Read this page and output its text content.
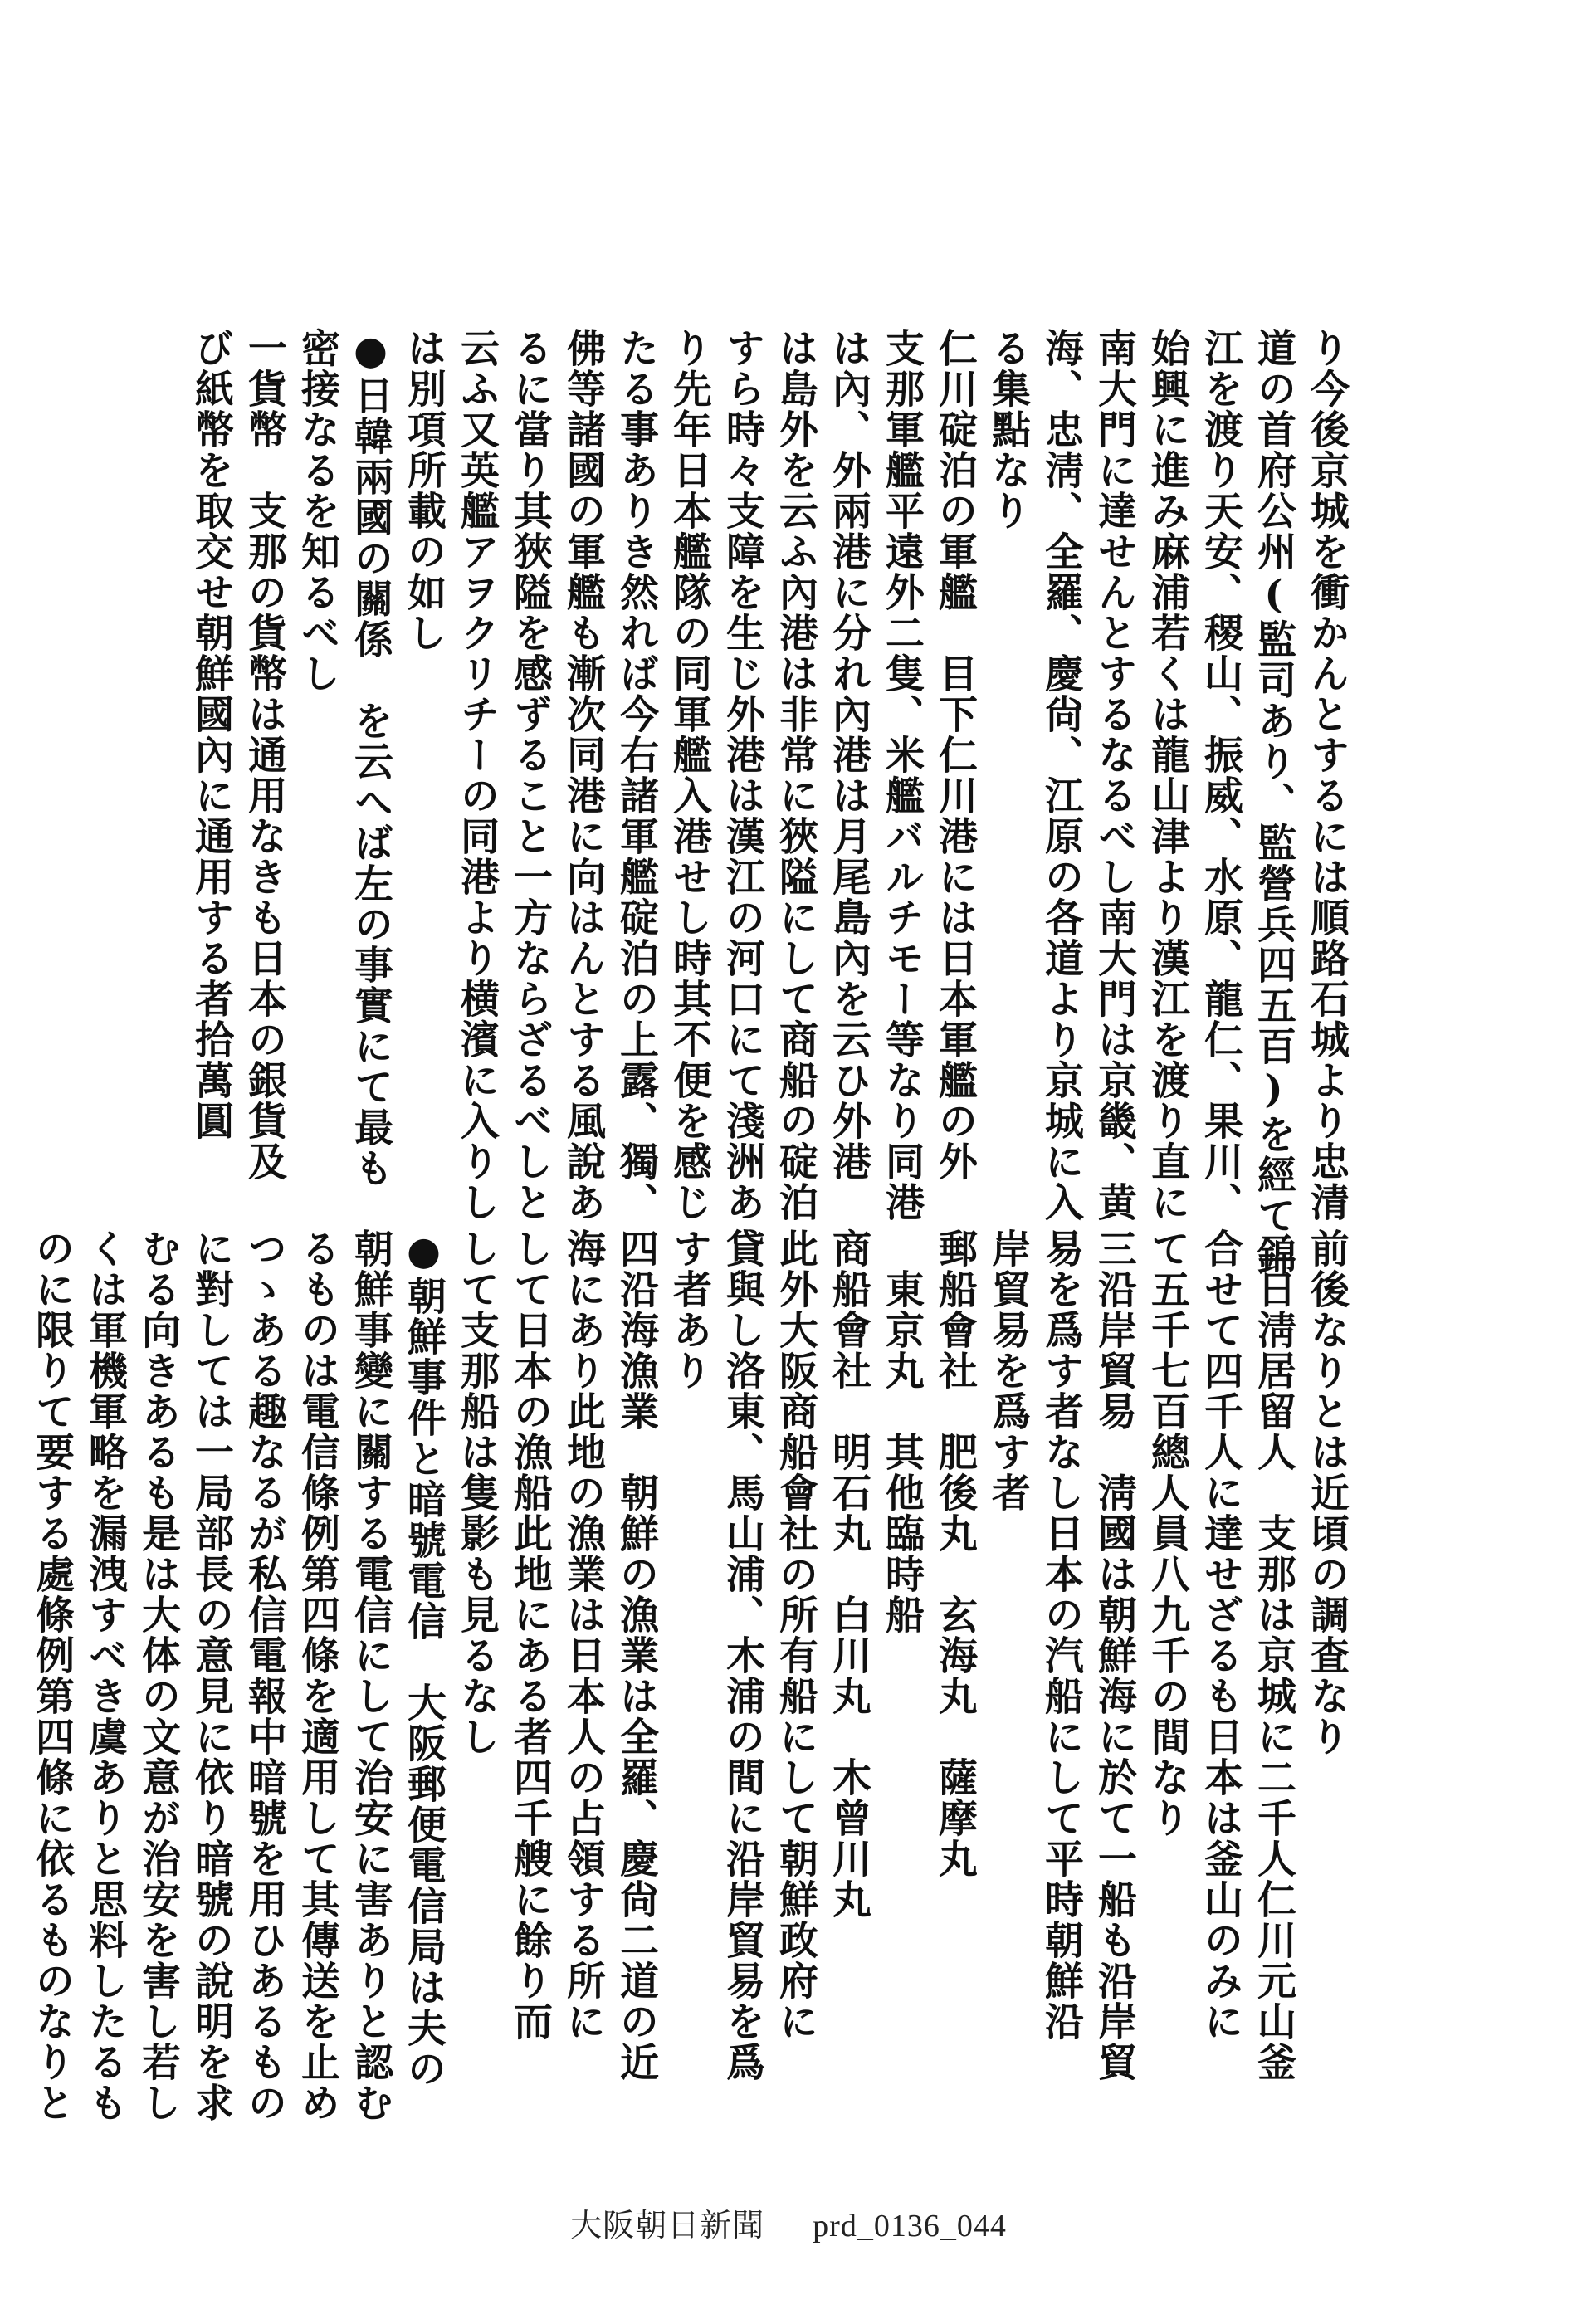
り今後京城を衝かんとするには順路石城より忠清

道の首府公州(監司あり、監營兵四五百)を經て錦

江を渡り天安、稷山、振威、水原、龍仁、果川、

始興に進み麻浦若くは龍山津より漢江を渡り直に

南大門に達せんとするなるべし南大門は京畿、黄

海、忠淸、全羅、慶尙、江原の各道より京城に入

る集點なり

仁川碇泊の軍艦　目下仁川港には日本軍艦の外

支那軍艦平遠外二隻、米艦バルチモー等なり同港

は內、外兩港に分れ內港は月尾島內を云ひ外港

は島外を云ふ內港は非常に狹隘にして商船の碇泊

すら時々支障を生じ外港は漢江の河口にて淺洲あ

り先年日本艦隊の同軍艦入港せし時其不便を感じ

たる事ありき然れば今右諸軍艦碇泊の上露、獨、

佛等諸國の軍艦も漸次同港に向はんとする風說あ

るに當り其狹隘を感ずること一方ならざるべしと

云ふ又英艦アヲクリチーの同港より横濱に入りし

は別項所載の如し

●日韓兩國の關係　を云へば左の事實にて最も

密接なるを知るべし

一貨幣　支那の貨幣は通用なきも日本の銀貨及

び紙幣を取交せ朝鮮國內に通用する者拾萬圓

前後なりとは近頃の調査なり

二日淸居留人　支那は京城に二千人仁川元山釜

合せて四千人に達せざるも日本は釜山のみに

て五千七百總人員八九千の間なり

三沿岸貿易　淸國は朝鮮海に於て一船も沿岸貿

易を爲す者なし日本の汽船にして平時朝鮮沿

岸貿易を爲す者

郵船會社　肥後丸　玄海丸　薩摩丸

　東京丸　其他臨時船

商船會社　明石丸　白川丸　木曾川丸

此外大阪商船會社の所有船にして朝鮮政府に

貸與し洛東、馬山浦、木浦の間に沿岸貿易を爲

す者あり

四沿海漁業　朝鮮の漁業は全羅、慶尙二道の近

海にあり此地の漁業は日本人の占領する所に

して日本の漁船此地にある者四千艘に餘り而

して支那船は隻影も見るなし

●朝鮮事件と暗號電信　大阪郵便電信局は夫の

朝鮮事變に關する電信にして治安に害ありと認む

るものは電信條例第四條を適用して其傳送を止め

つゝある趣なるが私信電報中暗號を用ひあるもの

に對しては一局部長の意見に依り暗號の說明を求

むる向きあるも是は大体の文意が治安を害し若し

くは軍機軍略を漏洩すべき虞ありと思料したるも

のに限りて要する處條例第四條に依るものなりと

大阪朝日新聞 prd_0136_044
